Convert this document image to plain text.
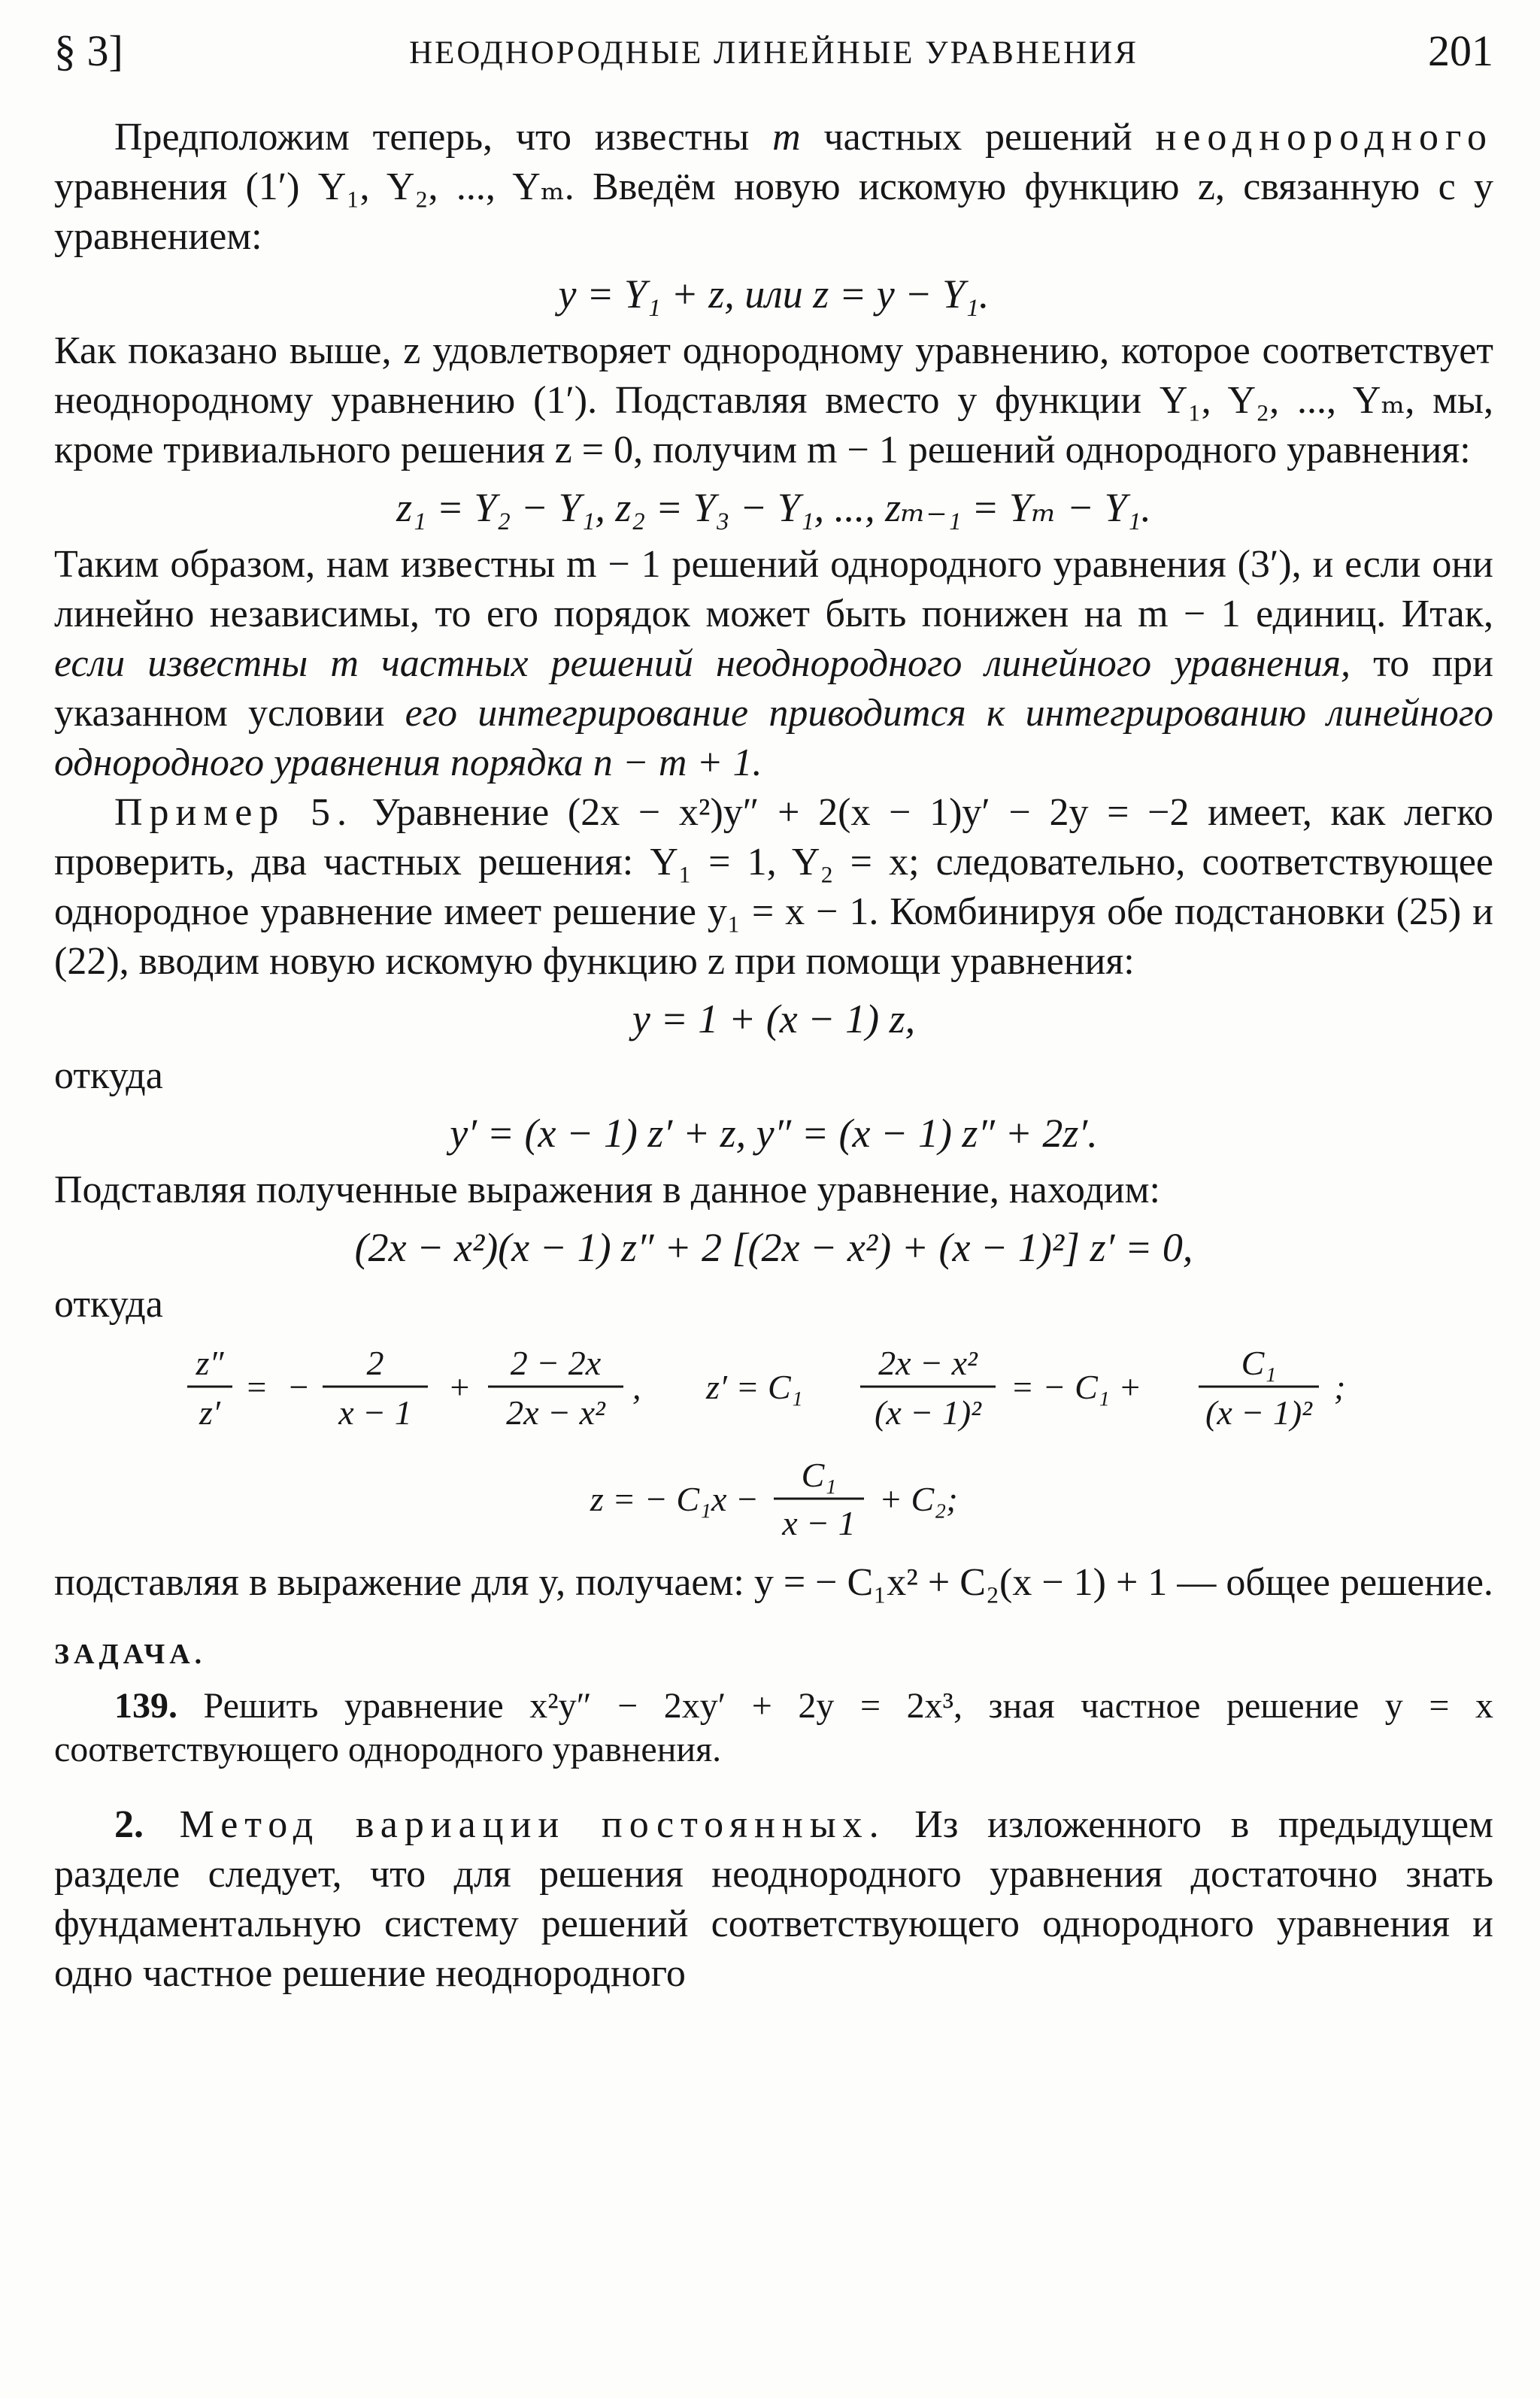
§ 3]	НЕОДНОРОДНЫЕ ЛИНЕЙНЫЕ УРАВНЕНИЯ	201

Предположим теперь, что известны m частных решений неоднородного уравнения (1′) Y₁, Y₂, ..., Yₘ. Введём новую искомую функцию z, связанную с y уравнением:

y = Y₁ + z, или z = y − Y₁.

Как показано выше, z удовлетворяет однородному уравнению, которое соответствует неоднородному уравнению (1′). Подставляя вместо y функции Y₁, Y₂, ..., Yₘ, мы, кроме тривиального решения z = 0, получим m − 1 решений однородного уравнения:

z₁ = Y₂ − Y₁, z₂ = Y₃ − Y₁, ..., zₘ₋₁ = Yₘ − Y₁.

Таким образом, нам известны m − 1 решений однородного уравнения (3′), и если они линейно независимы, то его порядок может быть понижен на m − 1 единиц. Итак, если известны m частных решений неоднородного линейного уравнения, то при указанном условии его интегрирование приводится к интегрированию линейного однородного уравнения порядка n − m + 1.

Пример 5. Уравнение (2x − x²)y″ + 2(x − 1)y′ − 2y = −2 имеет, как легко проверить, два частных решения: Y₁ = 1, Y₂ = x; следовательно, соответствующее однородное уравнение имеет решение y₁ = x − 1. Комбинируя обе подстановки (25) и (22), вводим новую искомую функцию z при помощи уравнения:

y = 1 + (x − 1) z,
откуда
y′ = (x − 1) z′ + z, y″ = (x − 1) z″ + 2z′.

Подставляя полученные выражения в данное уравнение, находим:

(2x − x²)(x − 1) z″ + 2 [(2x − x²) + (x − 1)²] z′ = 0,
откуда
z″
z′
= −
2
x − 1
+
2 − 2x
2x − x²
, z′ = C₁
2x − x²
(x − 1)²
= − C₁ +
C₁
(x − 1)²
;
z = − C₁x −
C₁
x − 1
+ C₂;

подставляя в выражение для y, получаем: y = − C₁x² + C₂(x − 1) + 1 — общее решение.

ЗАДАЧА.
139. Решить уравнение x²y″ − 2xy′ + 2y = 2x³, зная частное решение y = x соответствующего однородного уравнения.

2. Метод вариации постоянных. Из изложенного в предыдущем разделе следует, что для решения неоднородного уравнения достаточно знать фундаментальную систему решений соответствующего однородного уравнения и одно частное решение неоднородного
